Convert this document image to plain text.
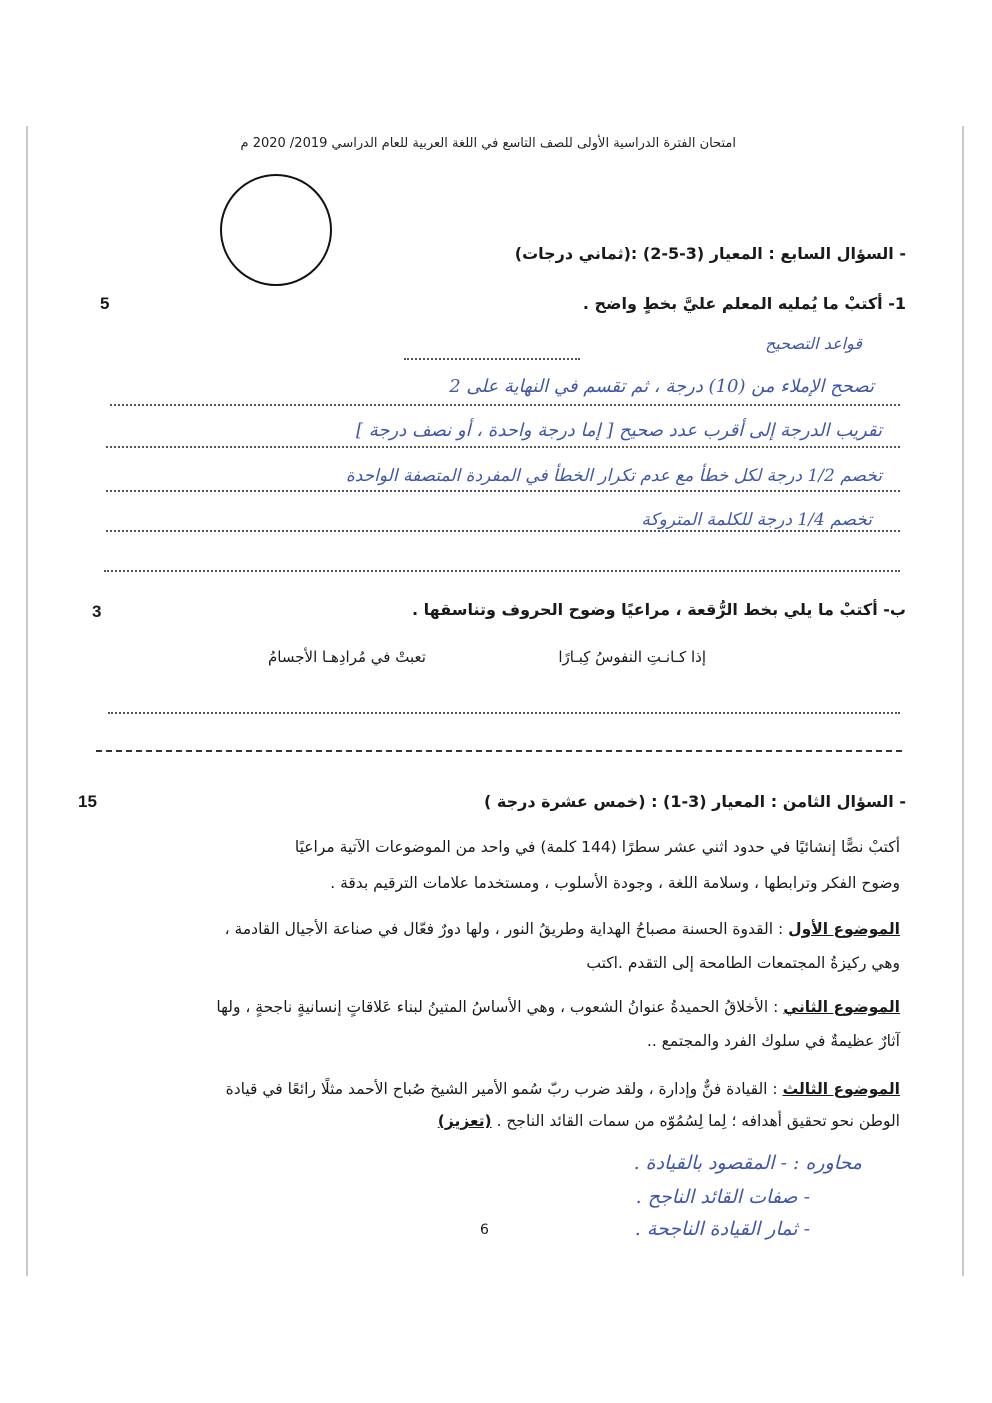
امتحان الفترة الدراسية الأولى للصف التاسع في اللغة العربية للعام الدراسي 2019/ 2020 م
- السؤال السابع : المعيار (3-5-2) :(ثماني درجات)
1- أكتبْ ما يُمليه المعلم عليَّ بخطٍ واضح .
5
قواعد التصحيح
تصحح الإملاء من (10) درجة ، ثم تقسم في النهاية على 2
تقريب الدرجة إلى أقرب عدد صحيح [ إما درجة واحدة ، أو نصف درجة ]
تخصم 1/2 درجة لكل خطأ مع عدم تكرار الخطأ في المفردة المتصفة الواحدة
تخصم 1/4 درجة للكلمة المتروكة
ب- أكتبْ ما يلي بخط الرُّقعة ، مراعيًا وضوح الحروف وتناسقها .
3
إذا كـانـتِ النفوسُ كِبـارًا
تعبتْ في مُرادِهـا الأجسامُ
- السؤال الثامن : المعيار (3-1) : (خمس عشرة درجة )
15
أكتبْ نصًّا إنشائيًا في حدود اثني عشر سطرًا (144 كلمة) في واحد من الموضوعات الآتية مراعيًا
وضوح الفكر وترابطها ، وسلامة اللغة ، وجودة الأسلوب ، ومستخدما علامات الترقيم بدقة .
الموضوع الأول : القدوة الحسنة مصباحُ الهداية وطريقُ النور ، ولها دورٌ فعّال في صناعة الأجيال القادمة ،
وهي ركيزةُ المجتمعات الطامحة إلى التقدم .اكتب
الموضوع الثاني : الأخلاقُ الحميدةُ عنوانُ الشعوب ، وهي الأساسُ المتينُ لبناء عَلاقاتٍ إنسانيةٍ ناجحةٍ ، ولها
آثارٌ عظيمةٌ في سلوك الفرد والمجتمع ..
الموضوع الثالث : القيادة فنٌّ وإدارة ، ولقد ضرب ربّ سُمو الأمير الشيخ صُباح الأحمد مثلًا رائعًا في قيادة
الوطن نحو تحقيق أهدافه ؛ لِما لِسُمُوّه من سمات القائد الناجح . (تعزيز)
محاوره : - المقصود بالقيادة .
- صفات القائد الناجح .
- ثمار القيادة الناجحة .
6
